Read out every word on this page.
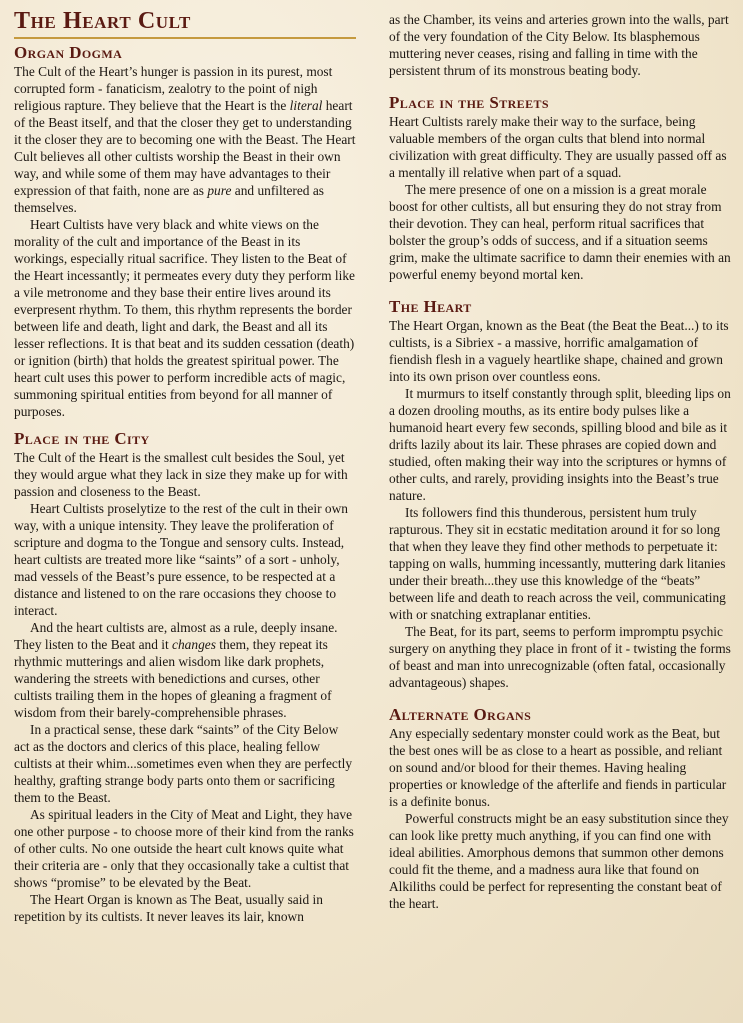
The Heart Cult
Organ Dogma

The Cult of the Heart’s hunger is passion in its purest, most corrupted form - fanaticism, zealotry to the point of nigh religious rapture. They believe that the Heart is the literal heart of the Beast itself, and that the closer they get to understanding it the closer they are to becoming one with the Beast. The Heart Cult believes all other cultists worship the Beast in their own way, and while some of them may have advantages to their expression of that faith, none are as pure and unfiltered as themselves.

Heart Cultists have very black and white views on the morality of the cult and importance of the Beast in its workings, especially ritual sacrifice. They listen to the Beat of the Heart incessantly; it permeates every duty they perform like a vile metronome and they base their entire lives around its everpresent rhythm. To them, this rhythm represents the border between life and death, light and dark, the Beast and all its lesser reflections. It is that beat and its sudden cessation (death) or ignition (birth) that holds the greatest spiritual power. The heart cult uses this power to perform incredible acts of magic, summoning spiritual entities from beyond for all manner of purposes.

Place in the City

The Cult of the Heart is the smallest cult besides the Soul, yet they would argue what they lack in size they make up for with passion and closeness to the Beast.

Heart Cultists proselytize to the rest of the cult in their own way, with a unique intensity. They leave the proliferation of scripture and dogma to the Tongue and sensory cults. Instead, heart cultists are treated more like “saints” of a sort - unholy, mad vessels of the Beast’s pure essence, to be respected at a distance and listened to on the rare occasions they choose to interact.

And the heart cultists are, almost as a rule, deeply insane. They listen to the Beat and it changes them, they repeat its rhythmic mutterings and alien wisdom like dark prophets, wandering the streets with benedictions and curses, other cultists trailing them in the hopes of gleaning a fragment of wisdom from their barely-comprehensible phrases.

In a practical sense, these dark “saints” of the City Below act as the doctors and clerics of this place, healing fellow cultists at their whim...sometimes even when they are perfectly healthy, grafting strange body parts onto them or sacrificing them to the Beast.

As spiritual leaders in the City of Meat and Light, they have one other purpose - to choose more of their kind from the ranks of other cults. No one outside the heart cult knows quite what their criteria are - only that they occasionally take a cultist that shows “promise” to be elevated by the Beat.

The Heart Organ is known as The Beat, usually said in repetition by its cultists. It never leaves its lair, known

as the Chamber, its veins and arteries grown into the walls, part of the very foundation of the City Below. Its blasphemous muttering never ceases, rising and falling in time with the persistent thrum of its monstrous beating body.

Place in the Streets

Heart Cultists rarely make their way to the surface, being valuable members of the organ cults that blend into normal civilization with great difficulty. They are usually passed off as a mentally ill relative when part of a squad.

The mere presence of one on a mission is a great morale boost for other cultists, all but ensuring they do not stray from their devotion. They can heal, perform ritual sacrifices that bolster the group’s odds of success, and if a situation seems grim, make the ultimate sacrifice to damn their enemies with an powerful enemy beyond mortal ken.

The Heart

The Heart Organ, known as the Beat (the Beat the Beat...) to its cultists, is a Sibriex - a massive, horrific amalgamation of fiendish flesh in a vaguely heartlike shape, chained and grown into its own prison over countless eons.

It murmurs to itself constantly through split, bleeding lips on a dozen drooling mouths, as its entire body pulses like a humanoid heart every few seconds, spilling blood and bile as it drifts lazily about its lair. These phrases are copied down and studied, often making their way into the scriptures or hymns of other cults, and rarely, providing insights into the Beast’s true nature.

Its followers find this thunderous, persistent hum truly rapturous. They sit in ecstatic meditation around it for so long that when they leave they find other methods to perpetuate it: tapping on walls, humming incessantly, muttering dark litanies under their breath...they use this knowledge of the “beats” between life and death to reach across the veil, communicating with or snatching extraplanar entities.

The Beat, for its part, seems to perform impromptu psychic surgery on anything they place in front of it - twisting the forms of beast and man into unrecognizable (often fatal, occasionally advantageous) shapes.

Alternate Organs

Any especially sedentary monster could work as the Beat, but the best ones will be as close to a heart as possible, and reliant on sound and/or blood for their themes. Having healing properties or knowledge of the afterlife and fiends in particular is a definite bonus.

Powerful constructs might be an easy substitution since they can look like pretty much anything, if you can find one with ideal abilities. Amorphous demons that summon other demons could fit the theme, and a madness aura like that found on Alkiliths could be perfect for representing the constant beat of the heart.
